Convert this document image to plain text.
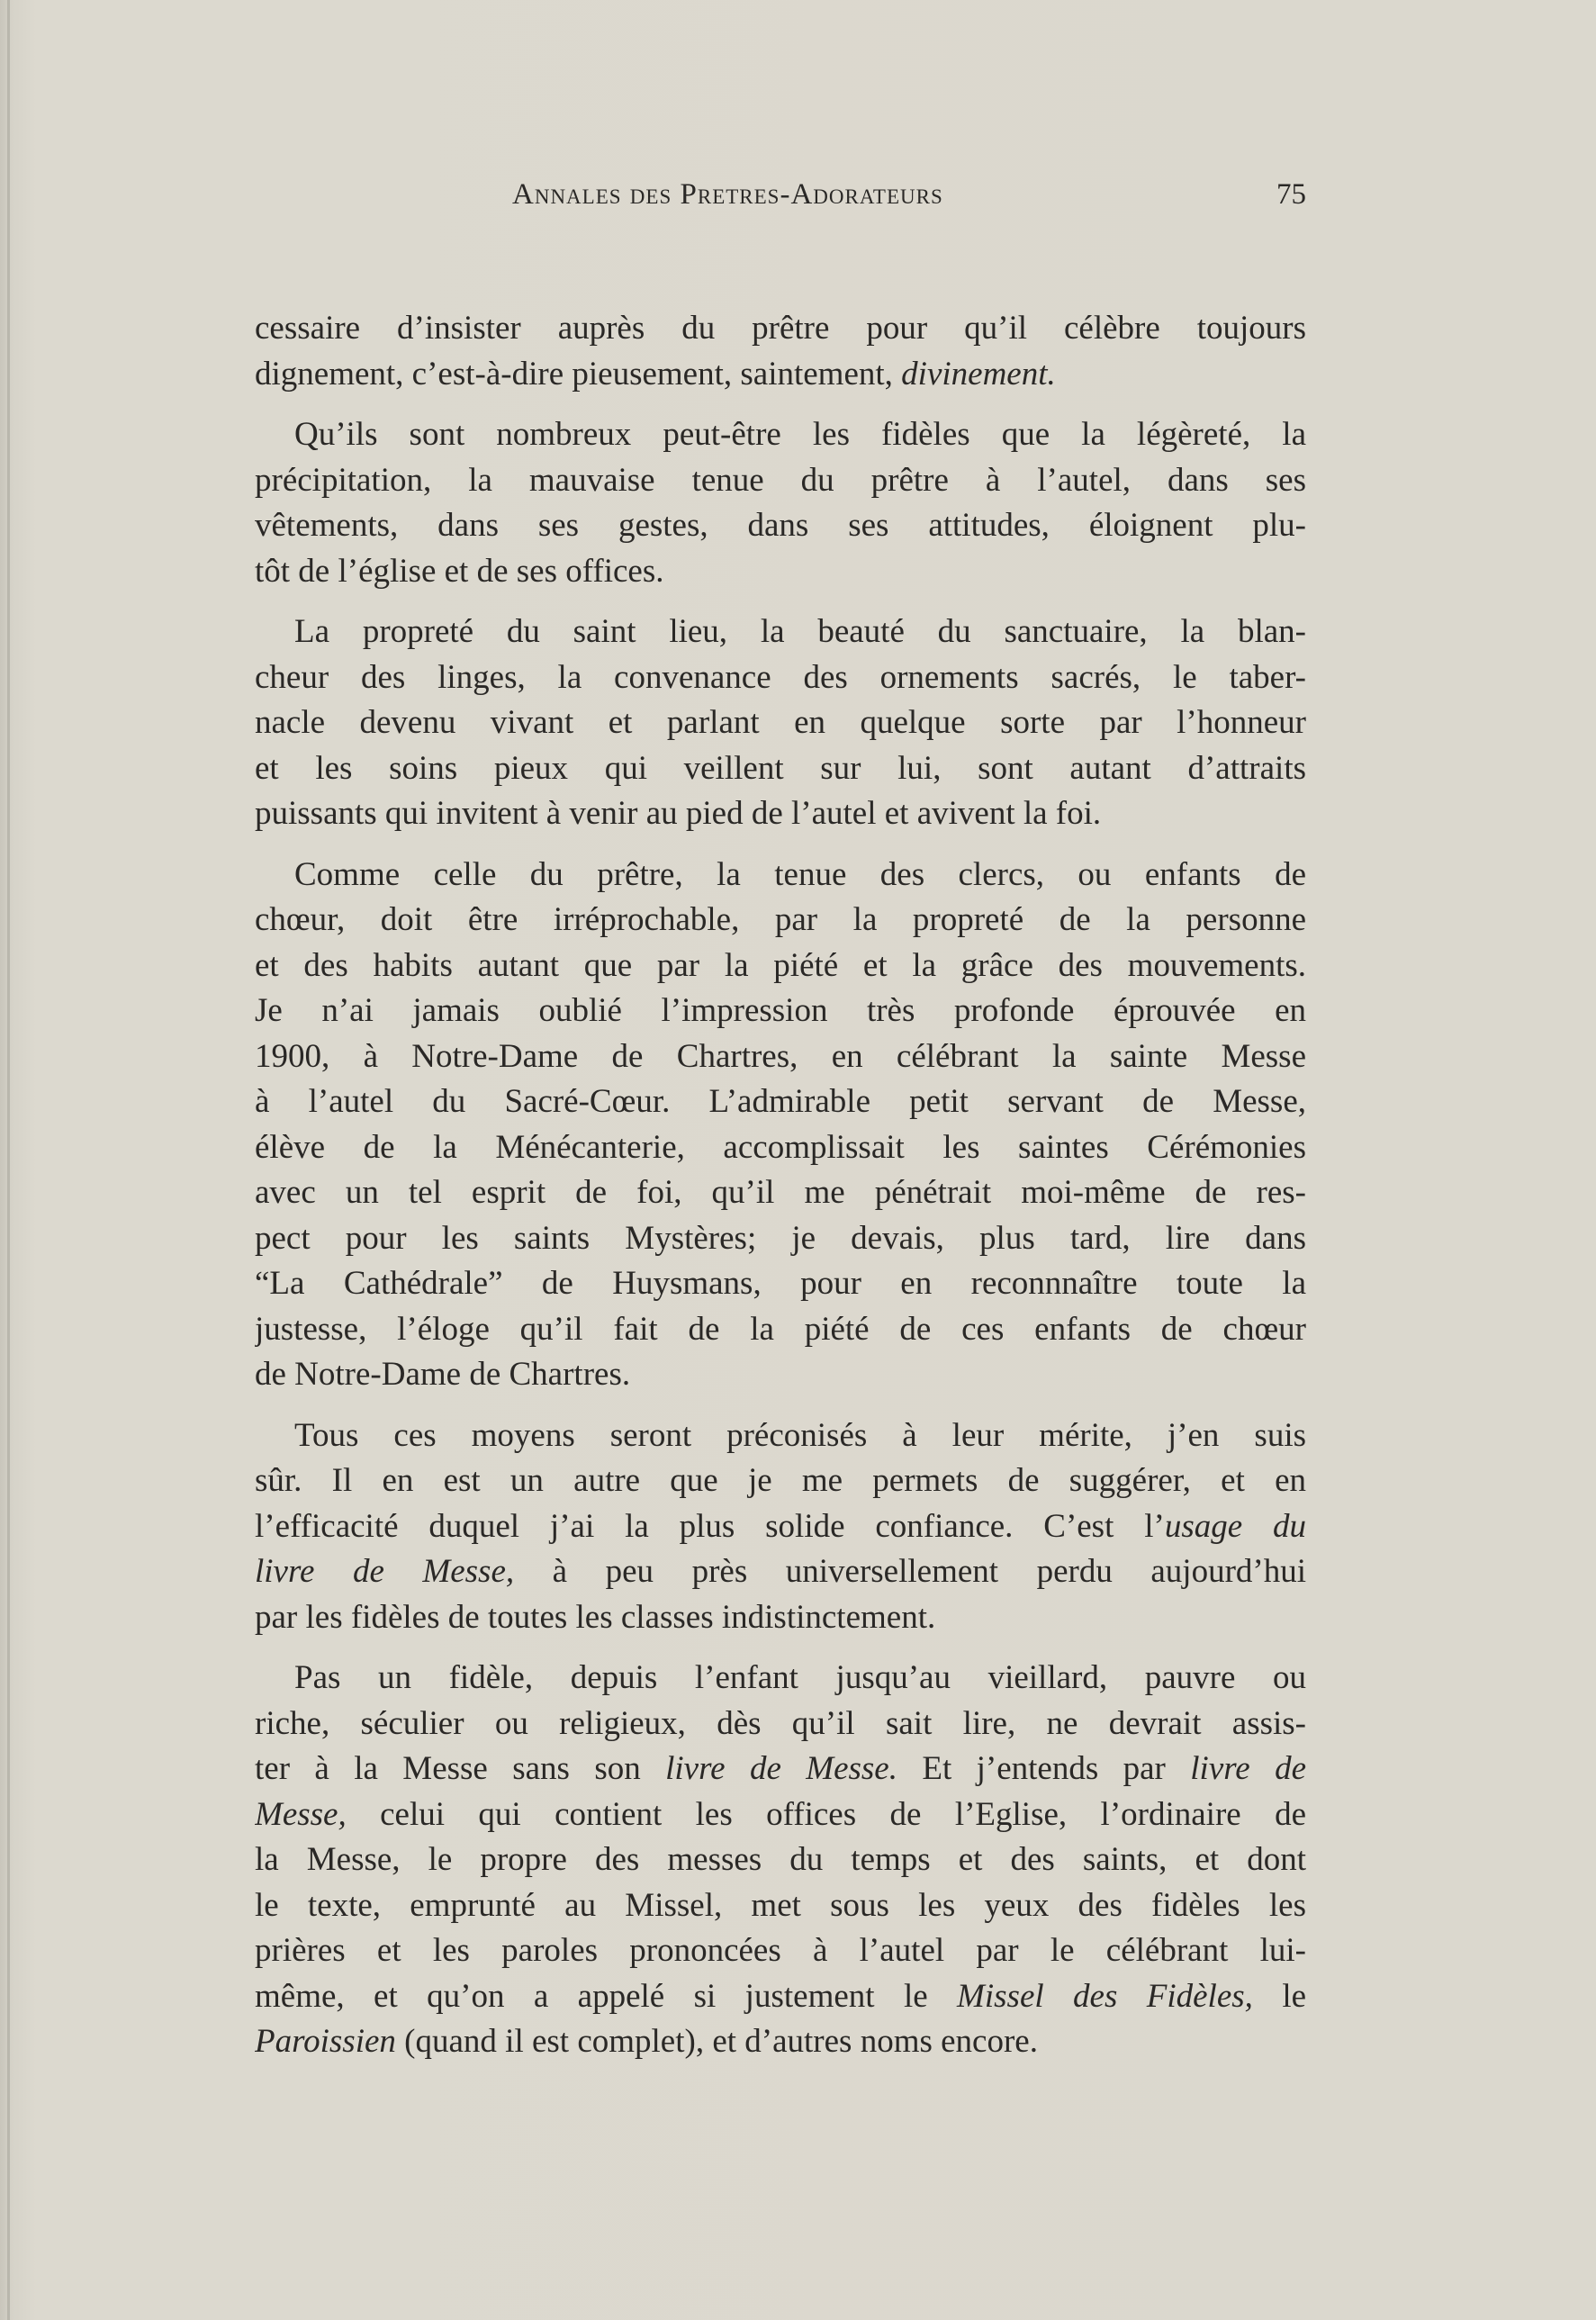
Annales des Pretres-Adorateurs	75
cessaire d’insister auprès du prêtre pour qu’il célèbre toujours
dignement, c’est-à-dire pieusement, saintement, divinement.
Qu’ils sont nombreux peut-être les fidèles que la légèreté, la
précipitation, la mauvaise tenue du prêtre à l’autel, dans ses
vêtements, dans ses gestes, dans ses attitudes, éloignent plu-
tôt de l’église et de ses offices.
La propreté du saint lieu, la beauté du sanctuaire, la blan-
cheur des linges, la convenance des ornements sacrés, le taber-
nacle devenu vivant et parlant en quelque sorte par l’honneur
et les soins pieux qui veillent sur lui, sont autant d’attraits
puissants qui invitent à venir au pied de l’autel et avivent la foi.
Comme celle du prêtre, la tenue des clercs, ou enfants de
chœur, doit être irréprochable, par la propreté de la personne
et des habits autant que par la piété et la grâce des mouvements.
Je n’ai jamais oublié l’impression très profonde éprouvée en
1900, à Notre-Dame de Chartres, en célébrant la sainte Messe
à l’autel du Sacré-Cœur. L’admirable petit servant de Messe,
élève de la Ménécanterie, accomplissait les saintes Cérémonies
avec un tel esprit de foi, qu’il me pénétrait moi-même de res-
pect pour les saints Mystères; je devais, plus tard, lire dans
“La Cathédrale” de Huysmans, pour en reconnnaître toute la
justesse, l’éloge qu’il fait de la piété de ces enfants de chœur
de Notre-Dame de Chartres.
Tous ces moyens seront préconisés à leur mérite, j’en suis
sûr. Il en est un autre que je me permets de suggérer, et en
l’efficacité duquel j’ai la plus solide confiance. C’est l’usage du
livre de Messe, à peu près universellement perdu aujourd’hui
par les fidèles de toutes les classes indistinctement.
Pas un fidèle, depuis l’enfant jusqu’au vieillard, pauvre ou
riche, séculier ou religieux, dès qu’il sait lire, ne devrait assis-
ter à la Messe sans son livre de Messe. Et j’entends par livre de
Messe, celui qui contient les offices de l’Eglise, l’ordinaire de
la Messe, le propre des messes du temps et des saints, et dont
le texte, emprunté au Missel, met sous les yeux des fidèles les
prières et les paroles prononcées à l’autel par le célébrant lui-
même, et qu’on a appelé si justement le Missel des Fidèles, le
Paroissien (quand il est complet), et d’autres noms encore.
